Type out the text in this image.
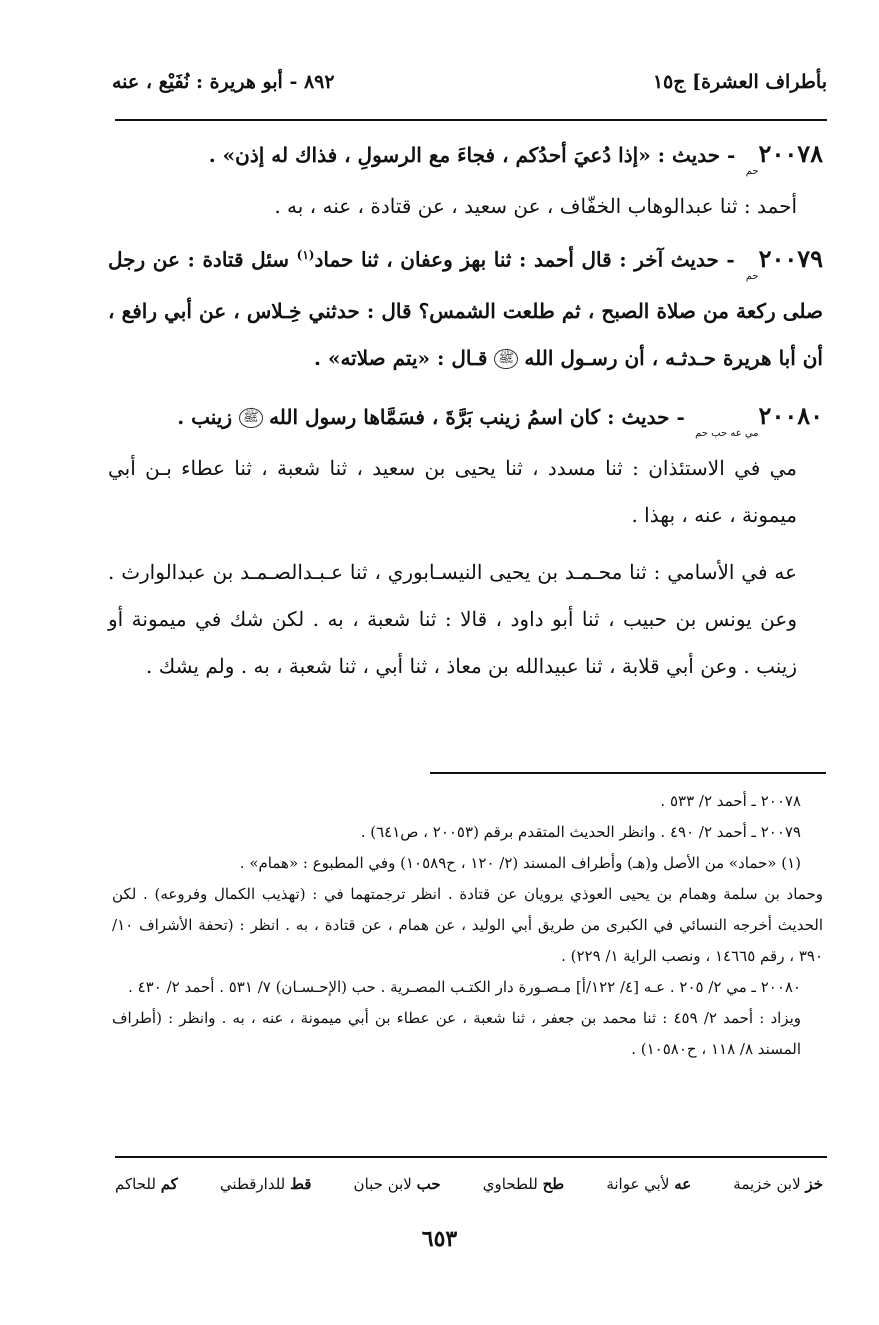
بأطراف العشرة] ج١٥
٨٩٢ - أبو هريرة : نُفَيْع ، عنه

$٢٠٠٧٨_{حم}$ - حديث : «إذا دُعيَ أحدُكم ، فجاءَ مع الرسولِ ، فذاك له إذن» .

أحمد : ثنا عبدالوهاب الخفّاف ، عن سعيد ، عن قتادة ، عنه ، به .

$٢٠٠٧٩_{حم}$ - حديث آخر : قال أحمد : ثنا بهز وعفان ، ثنا حماد$^{(١)}$ سئل قتادة : عن رجل صلى ركعة من صلاة الصبح ، ثم طلعت الشمس؟ قال : حدثني خِـلاس ، عن أبي رافع ، أن أبا هريرة حـدثـه ، أن رسـول الله ﷺ قـال : «يتم صلاته» .

$٢٠٠٨٠_{مي عه حب حم}$ - حديث : كان اسمُ زينب بَرَّةَ ، فسَمَّاها رسول الله ﷺ زينب .

مي في الاستئذان : ثنا مسدد ، ثنا يحيى بن سعيد ، ثنا شعبة ، ثنا عطاء بـن أبي ميمونة ، عنه ، بهذا .

عه في الأسامي : ثنا محـمـد بن يحيى النيسـابوري ، ثنا عـبـدالصـمـد بن عبدالوارث . وعن يونس بن حبيب ، ثنا أبو داود ، قالا : ثنا شعبة ، به . لكن شك في ميمونة أو زينب . وعن أبي قلابة ، ثنا عبيدالله بن معاذ ، ثنا أبي ، ثنا شعبة ، به . ولم يشك .

٢٠٠٧٨ ـ أحمد ٢/ ٥٣٣ .

٢٠٠٧٩ ـ أحمد ٢/ ٤٩٠ . وانظر الحديث المتقدم برقم (٢٠٠٥٣ ، ص٦٤١) .

(١) «حماد» من الأصل و(هـ) وأطراف المسند (٢/ ١٢٠ ، ح١٠٥٨٩) وفي المطبوع : «همام» .

وحماد بن سلمة وهمام بن يحيى العوذي يرويان عن قتادة . انظر ترجمتهما في : (تهذيب الكمال وفروعه) . لكن الحديث أخرجه النسائي في الكبرى من طريق أبي الوليد ، عن همام ، عن قتادة ، به . انظر : (تحفة الأشراف ١٠/ ٣٩٠ ، رقم ١٤٦٦٥ ، ونصب الراية ١/ ٢٢٩) .

٢٠٠٨٠ ـ مي ٢/ ٢٠٥ . عـه [٤/ ١٢٢/أ] مـصـورة دار الكتـب المصـرية . حب (الإحـسـان) ٧/ ٥٣١ . أحمد ٢/ ٤٣٠ .

ويزاد : أحمد ٢/ ٤٥٩ : ثنا محمد بن جعفر ، ثنا شعبة ، عن عطاء بن أبي ميمونة ، عنه ، به . وانظر : (أطراف المسند ٨/ ١١٨ ، ح١٠٥٨٠) .

خز لابن خزيمة
عه لأبي عوانة
طح للطحاوي
حب لابن حبان
قط للدارقطني
كم للحاكم
٦٥٣
